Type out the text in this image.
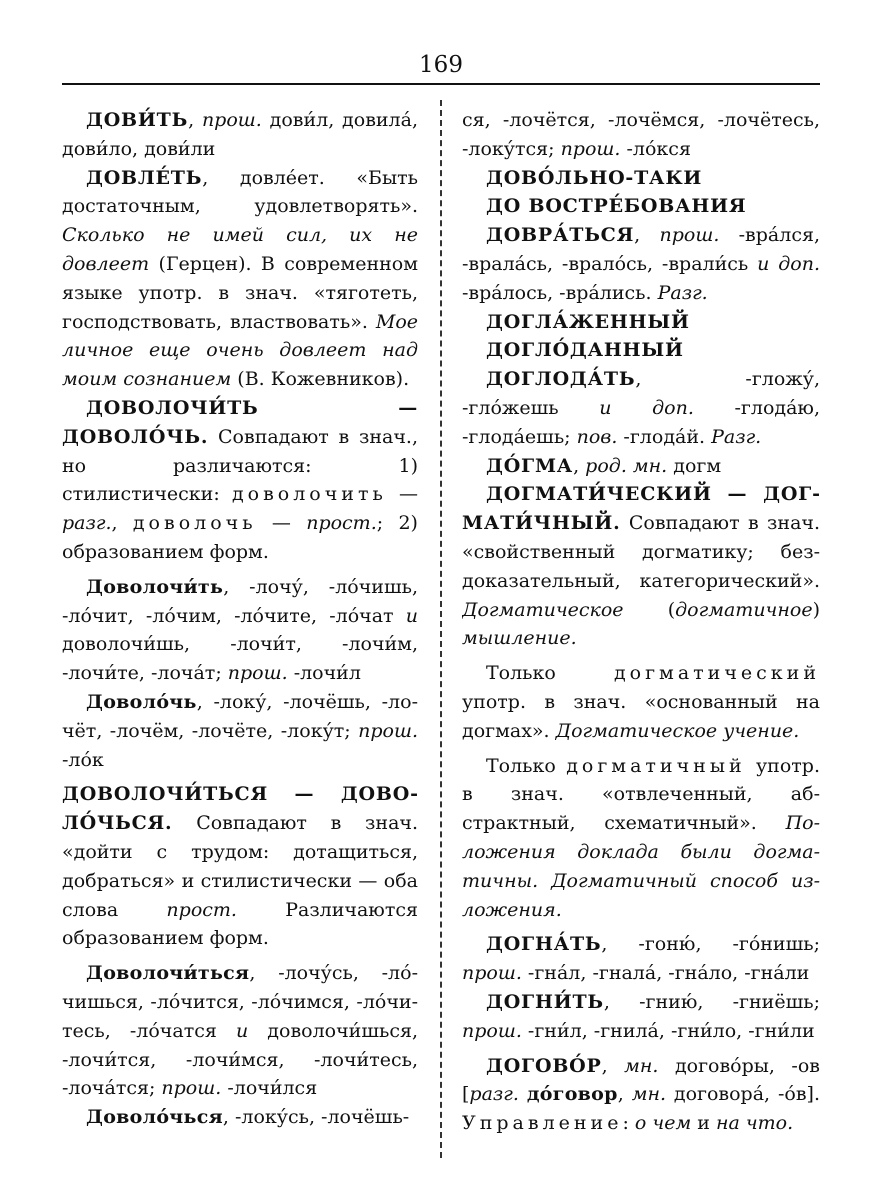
169

ДОВИ́ТЬ, прош. дови́л, довила́, дови́ло, дови́ли

ДОВЛЕ́ТЬ, довле́ет. «Быть достаточным, удовлетворять». Сколько не имей сил, их не довлеет (Герцен). В современном языке употр. в знач. «тяготеть, господствовать, властвовать». Мое личное еще очень довлеет над моим сознанием (В. Кожевников).

ДОВОЛОЧИ́ТЬ — ДОВОЛО́ЧЬ. Совпадают в знач., но различаются: 1) стилистически: доволочить — разг., доволочь — прост.; 2) образованием форм.

Доволочи́ть, -лочу́, -ло́чишь, -ло́чит, -ло́чим, -ло́чите, -ло́чат и доволочи́шь, -лочи́т, -лочи́м, -лочи́те, -лоча́т; прош. -лочи́л

Доволо́чь, -локу́, -лочёшь, -лочёт, -лочём, -лочёте, -локу́т; прош. -ло́к

ДОВОЛОЧИ́ТЬСЯ — ДОВОЛО́ЧЬСЯ. Совпадают в знач. «дойти с трудом: дотащиться, добраться» и стилистически — оба слова прост. Различаются образованием форм.

Доволочи́ться, -лочу́сь, -ло́чишься, -ло́чится, -ло́чимся, -ло́читесь, -ло́чатся и доволочи́шься, -лочи́тся, -лочи́мся, -лочи́тесь, -лоча́тся; прош. -лочи́лся

Доволо́чься, -локу́сь, -лочёшь-

ся, -лочётся, -лочёмся, -лочётесь, -локу́тся; прош. -ло́кся

ДОВО́ЛЬНО-ТАКИ

ДО ВОСТРЕ́БОВАНИЯ

ДОВРА́ТЬСЯ, прош. -вра́лся, -врала́сь, -врало́сь, -врали́сь и доп. -вра́лось, -вра́лись. Разг.

ДОГЛА́ЖЕННЫЙ

ДОГЛО́ДАННЫЙ

ДОГЛОДА́ТЬ, -гложу́, -гло́жешь и доп. -глода́ю, -глода́ешь; пов. -глода́й. Разг.

ДО́ГМА, род. мн. догм

ДОГМАТИ́ЧЕСКИЙ — ДОГМАТИ́ЧНЫЙ. Совпадают в знач. «свойственный догматику; бездоказательный, категорический». Догматическое (догматичное) мышление.

Только догматический употр. в знач. «основанный на догмах». Догматическое учение.

Только догматичный употр. в знач. «отвлеченный, абстрактный, схематичный». Положения доклада были догматичны. Догматичный способ изложения.

ДОГНА́ТЬ, -гоню́, -го́нишь; прош. -гна́л, -гнала́, -гна́ло, -гна́ли

ДОГНИ́ТЬ, -гнию́, -гниёшь; прош. -гни́л, -гнила́, -гни́ло, -гни́ли

ДОГОВО́Р, мн. догово́ры, -ов [разг. до́говор, мн. договора́, -о́в]. Управление: о чем и на что.
